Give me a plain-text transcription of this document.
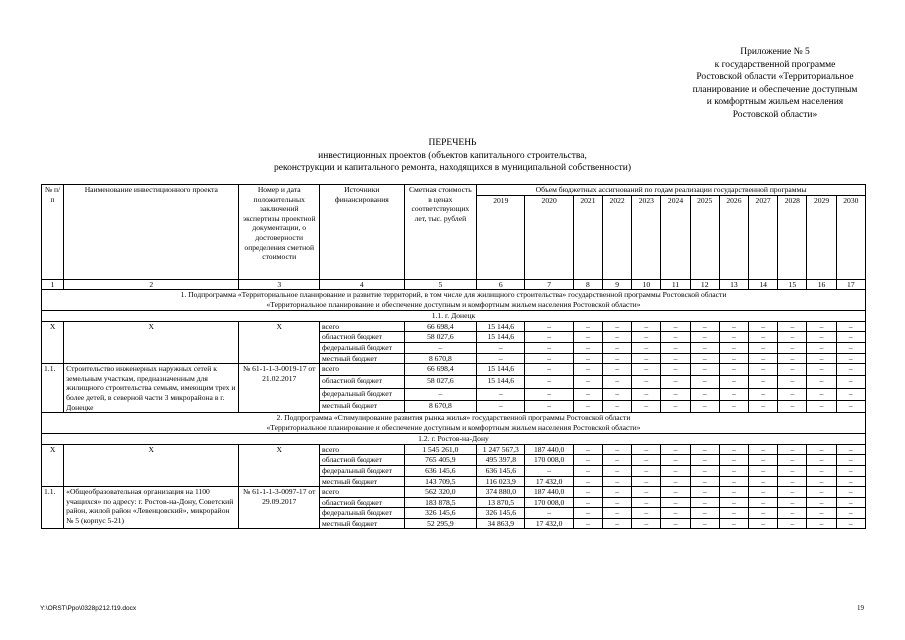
Приложение № 5
к государственной программе
Ростовской области «Территориальное
планирование и обеспечение доступным
и комфортным жильем населения
Ростовской области»
ПЕРЕЧЕНЬ
инвестиционных проектов (объектов капитального строительства,
реконструкции и капитального ремонта, находящихся в муниципальной собственности)
№ п/п	Наименование инвестиционного проекта	Номер и дата положительных заключений экспертизы проектной документации, о достоверности определения сметной стоимости	Источники финансирования	Сметная стоимость в ценах соответствующих лет, тыс. рублей	Объем бюджетных ассигнований по годам реализации государственной программы											
					2019	2020	2021	2022	2023	2024	2025	2026	2027	2028	2029	2030
1	2	3	4	5	6	7	8	9	10	11	12	13	14	15	16	17

1. Подпрограмма «Территориальное планирование и развитие территорий, в том числе для жилищного строительства» государственной программы Ростовской области
«Территориальное планирование и обеспечение доступным и комфортным жильем населения Ростовской области»																

1.1. г. Донецк																
Х	Х	Х	всего	66 698,4	15 144,6	–	–	–	–	–	–	–	–	–	–	–
			областной бюджет	58 027,6	15 144,6	–	–	–	–	–	–	–	–	–	–	–
			федеральный бюджет	–	–	–	–	–	–	–	–	–	–	–	–	–
			местный бюджет	8 670,8	–	–	–	–	–	–	–	–	–	–	–	–
1.1.	Строительство инженерных наружных сетей к земельным участкам, предназначенным для жилищного строительства семьям, имеющим трех и более детей, в северной части 3 микрорайона в г. Донецке	№ 61-1-1-3-0019-17 от 21.02.2017	всего	66 698,4	15 144,6	–	–	–	–	–	–	–	–	–	–	–
			областной бюджет	58 027,6	15 144,6	–	–	–	–	–	–	–	–	–	–	–
			федеральный бюджет	–	–	–	–	–	–	–	–	–	–	–	–	–
			местный бюджет	8 670,8	–	–	–	–	–	–	–	–	–	–	–	–

2. Подпрограмма «Стимулирование развития рынка жилья» государственной программы Ростовской области
«Территориальное планирование и обеспечение доступным и комфортным жильем населения Ростовской области»																

1.2. г. Ростов-на-Дону																
Х	Х	Х	всего	1 545 261,0	1 247 567,3	187 440,0	–	–	–	–	–	–	–	–	–	–
			областной бюджет	765 405,9	495 397,8	170 008,0	–	–	–	–	–	–	–	–	–	–
			федеральный бюджет	636 145,6	636 145,6	–	–	–	–	–	–	–	–	–	–	–
			местный бюджет	143 709,5	116 023,9	17 432,0	–	–	–	–	–	–	–	–	–	–
1.1.	«Общеобразовательная организация на 1100 учащихся» по адресу: г. Ростов-на-Дону, Советский район, жилой район «Левенцовский», микрорайон № 5 (корпус 5-21)	№ 61-1-1-3-0097-17 от 29.09.2017	всего	562 320,0	374 880,0	187 440,0	–	–	–	–	–	–	–	–	–	–
			областной бюджет	183 878,5	13 870,5	170 008,0	–	–	–	–	–	–	–	–	–	–
			федеральный бюджет	326 145,6	326 145,6	–	–	–	–	–	–	–	–	–	–	–
			местный бюджет	52 295,9	34 863,9	17 432,0	–	–	–	–	–	–	–	–	–	–
Y:\ORST\Ppo\0328p212.f19.docx	19
